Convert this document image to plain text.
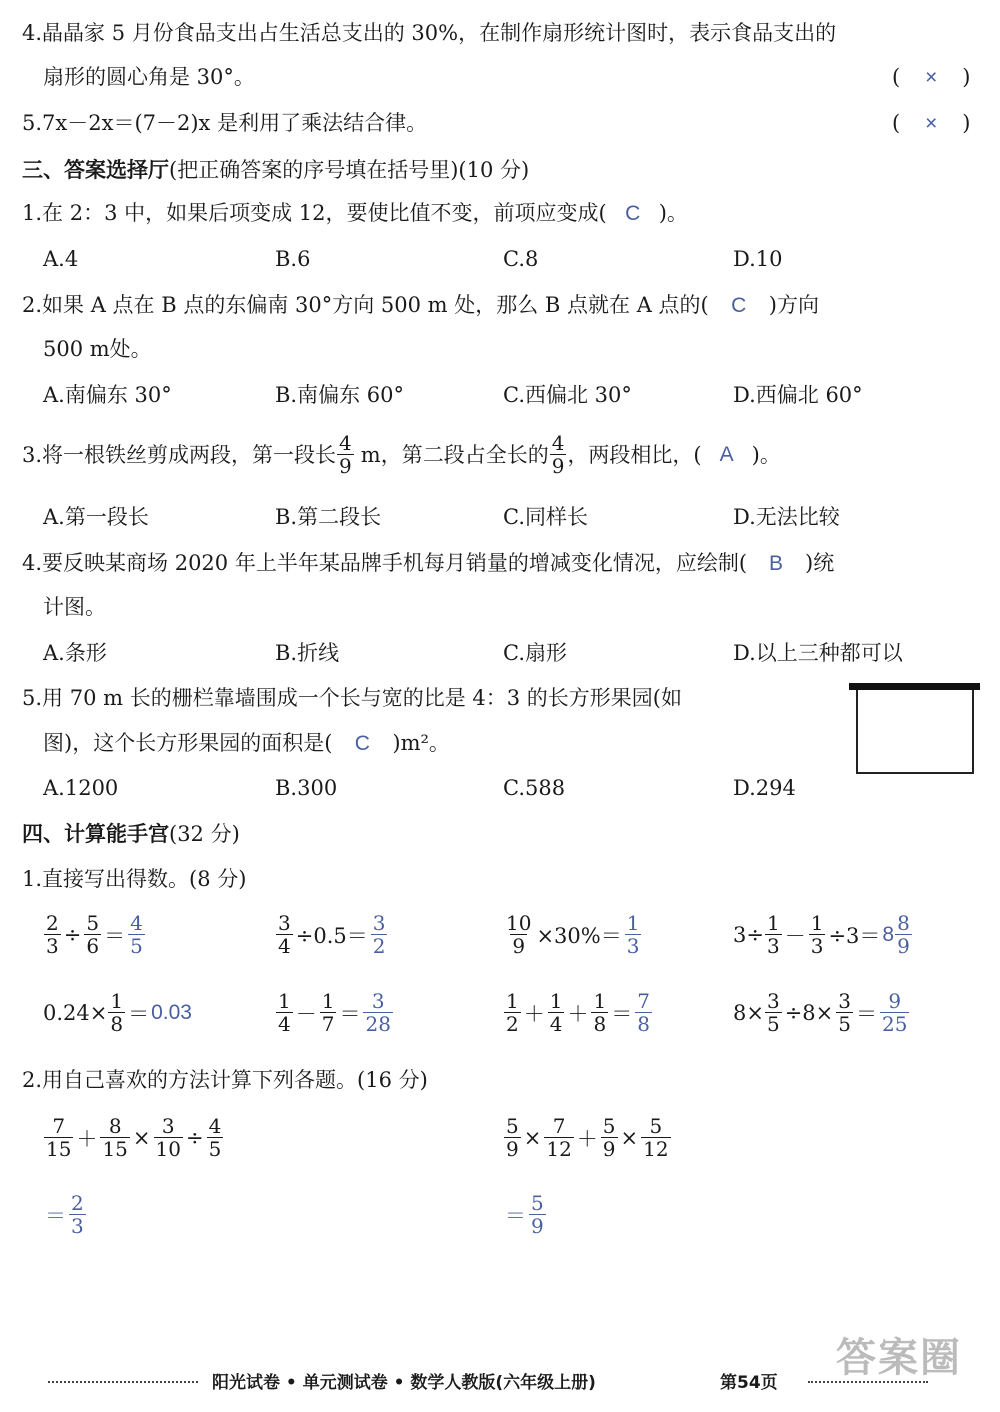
4.晶晶家 5 月份食品支出占生活总支出的 30%，在制作扇形统计图时，表示食品支出的
扇形的圆心角是 30°。	( × )
5.7x－2x＝(7－2)x 是利用了乘法结合律。	( × )
三、答案选择厅(把正确答案的序号填在括号里)(10 分)
1.在 2：3 中，如果后项变成 12，要使比值不变，前项应变成( C )。
A.4	B.6	C.8	D.10
2.如果 A 点在 B 点的东偏南 30°方向 500 m 处，那么 B 点就在 A 点的( C )方向
500 m处。
A.南偏东 30°	B.南偏东 60°	C.西偏北 30°	D.西偏北 60°
3.将一根铁丝剪成两段，第一段长 $\frac{4}{9}$ m，第二段占全长的 $\frac{4}{9}$ ，两段相比，( A )。
A.第一段长	B.第二段长	C.同样长	D.无法比较
4.要反映某商场 2020 年上半年某品牌手机每月销量的增减变化情况，应绘制( B )统
计图。
A.条形	B.折线	C.扇形	D.以上三种都可以
5.用 70 m 长的栅栏靠墙围成一个长与宽的比是 4：3 的长方形果园(如
图)，这个长方形果园的面积是( C )m²。
A.1200	B.300	C.588	D.294
四、计算能手宫(32 分)
1.直接写出得数。(8 分)
$\frac{2}{3} \div \frac{5}{6} = \frac{4}{5}$	$\frac{3}{4} \div 0.5= \frac{3}{2}$	$\frac{10}{9} \times 30\%= \frac{1}{3}$	$3\div \frac{1}{3} - \frac{1}{3} \div 3= 8 \frac{8}{9}$
$0.24\times \frac{1}{8} = 0.03$	$\frac{1}{4} - \frac{1}{7} = \frac{3}{28}$	$\frac{1}{2} + \frac{1}{4} + \frac{1}{8} = \frac{7}{8}$	$8\times \frac{3}{5} \div 8\times \frac{3}{5} = \frac{9}{25}$
2.用自己喜欢的方法计算下列各题。(16 分)
$\frac{7}{15} + \frac{8}{15} \times \frac{3}{10} \div \frac{4}{5}$
＝ $\frac{2}{3}$
$\frac{5}{9} \times \frac{7}{12} + \frac{5}{9} \times \frac{5}{12}$
＝ $\frac{5}{9}$
阳光试卷 • 单元测试卷 • 数学人教版(六年级上册)	第54页
答案圈
